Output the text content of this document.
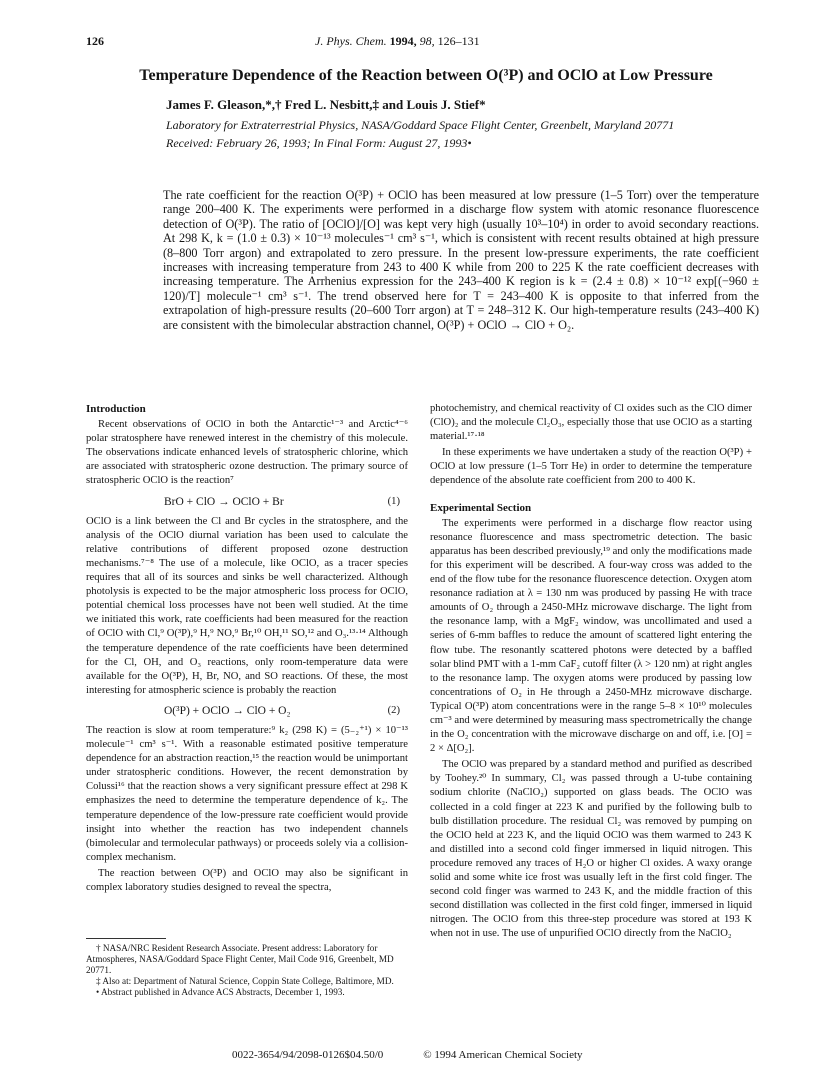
126	J. Phys. Chem. 1994, 98, 126–131
Temperature Dependence of the Reaction between O(³P) and OClO at Low Pressure
James F. Gleason,*,† Fred L. Nesbitt,‡ and Louis J. Stief*
Laboratory for Extraterrestrial Physics, NASA/Goddard Space Flight Center, Greenbelt, Maryland 20771
Received: February 26, 1993; In Final Form: August 27, 1993•
The rate coefficient for the reaction O(³P) + OClO has been measured at low pressure (1–5 Torr) over the temperature range 200–400 K. The experiments were performed in a discharge flow system with atomic resonance fluorescence detection of O(³P). The ratio of [OClO]/[O] was kept very high (usually 10³–10⁴) in order to avoid secondary reactions. At 298 K, k = (1.0 ± 0.3) × 10⁻¹³ molecules⁻¹ cm³ s⁻¹, which is consistent with recent results obtained at high pressure (8–800 Torr argon) and extrapolated to zero pressure. In the present low-pressure experiments, the rate coefficient increases with increasing temperature from 243 to 400 K while from 200 to 225 K the rate coefficient decreases with increasing temperature. The Arrhenius expression for the 243–400 K region is k = (2.4 ± 0.8) × 10⁻¹² exp[(−960 ± 120)/T] molecule⁻¹ cm³ s⁻¹. The trend observed here for T = 243–400 K is opposite to that inferred from the extrapolation of high-pressure results (20–600 Torr argon) at T = 248–312 K. Our high-temperature results (243–400 K) are consistent with the bimolecular abstraction channel, O(³P) + OClO → ClO + O₂.

Introduction

Recent observations of OClO in both the Antarctic¹⁻³ and Arctic⁴⁻⁶ polar stratosphere have renewed interest in the chemistry of this molecule. The observations indicate enhanced levels of stratospheric chlorine, which are associated with stratospheric ozone destruction. The primary source of stratospheric OClO is the reaction⁷

BrO + ClO → OClO + Br	(1)

OClO is a link between the Cl and Br cycles in the stratosphere, and the analysis of the OClO diurnal variation has been used to calculate the relative contributions of different proposed ozone destruction mechanisms.⁷⁻⁸ The use of a molecule, like OClO, as a tracer species requires that all of its sources and sinks be well characterized. Although photolysis is expected to be the major atmospheric loss process for OClO, potential chemical loss processes have not been well studied. At the time we initiated this work, rate coefficients had been measured for the reaction of OClO with Cl,⁹ O(³P),⁹ H,⁹ NO,⁹ Br,¹⁰ OH,¹¹ SO,¹² and O₃.¹³·¹⁴ Although the temperature dependence of the rate coefficients have been determined for the Cl, OH, and O₃ reactions, only room-temperature data were available for the O(³P), H, Br, NO, and SO reactions. Of these, the most interesting for atmospheric science is probably the reaction

O(³P) + OClO → ClO + O₂	(2)

The reaction is slow at room temperature:⁹ k₂ (298 K) = (5₋₂⁺¹) × 10⁻¹³ molecule⁻¹ cm³ s⁻¹. With a reasonable estimated positive temperature dependence for an abstraction reaction,¹⁵ the reaction would be unimportant under stratospheric conditions. However, the recent demonstration by Colussi¹⁶ that the reaction shows a very significant pressure effect at 298 K emphasizes the need to determine the temperature dependence of k₂. The temperature dependence of the low-pressure rate coefficient would provide insight into whether the reaction has two independent channels (bimolecular and termolecular pathways) or proceeds solely via a collision-complex mechanism.

The reaction between O(³P) and OClO may also be significant in complex laboratory studies designed to reveal the spectra,

† NASA/NRC Resident Research Associate. Present address: Laboratory for Atmospheres, NASA/Goddard Space Flight Center, Mail Code 916, Greenbelt, MD 20771.

‡ Also at: Department of Natural Science, Coppin State College, Baltimore, MD.

• Abstract published in Advance ACS Abstracts, December 1, 1993.

photochemistry, and chemical reactivity of Cl oxides such as the ClO dimer (ClO)₂ and the molecule Cl₂O₃, especially those that use OClO as a starting material.¹⁷·¹⁸

In these experiments we have undertaken a study of the reaction O(³P) + OClO at low pressure (1–5 Torr He) in order to determine the temperature dependence of the absolute rate coefficient from 200 to 400 K.

Experimental Section

The experiments were performed in a discharge flow reactor using resonance fluorescence and mass spectrometric detection. The basic apparatus has been described previously,¹⁹ and only the modifications made for this experiment will be described. A four-way cross was added to the end of the flow tube for the resonance fluorescence detection. Oxygen atom resonance radiation at λ = 130 nm was produced by passing He with trace amounts of O₂ through a 2450-MHz microwave discharge. The light from the resonance lamp, with a MgF₂ window, was uncollimated and used a series of 6-mm baffles to reduce the amount of scattered light entering the flow tube. The resonantly scattered photons were detected by a baffled solar blind PMT with a 1-mm CaF₂ cutoff filter (λ > 120 nm) at right angles to the resonance lamp. The oxygen atoms were produced by passing low concentrations of O₂ in He through a 2450-MHz microwave discharge. Typical O(³P) atom concentrations were in the range 5–8 × 10¹⁰ molecules cm⁻³ and were determined by measuring mass spectrometrically the change in the O₂ concentration with the microwave discharge on and off, i.e. [O] = 2 × Δ[O₂].

The OClO was prepared by a standard method and purified as described by Toohey.²⁰ In summary, Cl₂ was passed through a U-tube containing sodium chlorite (NaClO₂) supported on glass beads. The OClO was collected in a cold finger at 223 K and purified by the following bulb to bulb distillation procedure. The residual Cl₂ was removed by pumping on the OClO held at 223 K, and the liquid OClO was them warmed to 243 K and distilled into a second cold finger immersed in liquid nitrogen. This procedure removed any traces of H₂O or higher Cl oxides. A waxy orange solid and some white ice frost was usually left in the first cold finger. The second cold finger was warmed to 243 K, and the middle fraction of this second distillation was collected in the first cold finger, immersed in liquid nitrogen. The OClO from this three-step procedure was stored at 193 K when not in use. The use of unpurified OClO directly from the NaClO₂

0022-3654/94/2098-0126$04.50/0	© 1994 American Chemical Society
